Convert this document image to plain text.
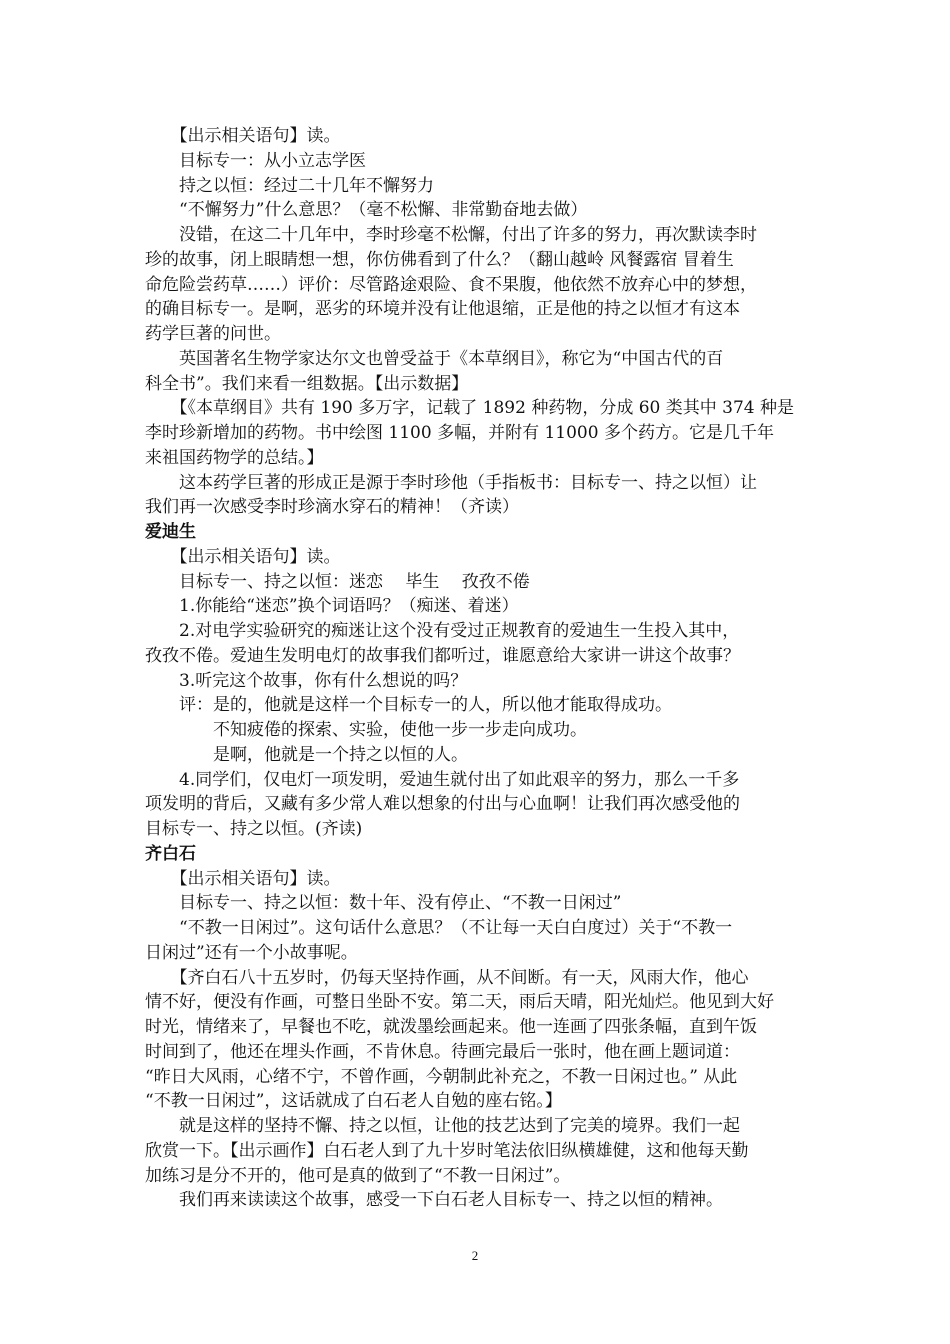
　　【出示相关语句】读。
　　目标专一：从小立志学医
　　持之以恒：经过二十几年不懈努力
　　“不懈努力”什么意思？（毫不松懈、非常勤奋地去做）
　　没错，在这二十几年中，李时珍毫不松懈，付出了许多的努力，再次默读李时
珍的故事，闭上眼睛想一想，你仿佛看到了什么？（翻山越岭 风餐露宿 冒着生
命危险尝药草……）评价：尽管路途艰险、食不果腹，他依然不放弃心中的梦想，
的确目标专一。是啊，恶劣的环境并没有让他退缩，正是他的持之以恒才有这本
药学巨著的问世。
　　英国著名生物学家达尔文也曾受益于《本草纲目》，称它为“中国古代的百
科全书”。我们来看一组数据。【出示数据】
　　【《本草纲目》共有 190 多万字，记载了 1892 种药物，分成 60 类其中 374 种是
李时珍新增加的药物。书中绘图 1100 多幅，并附有 11000 多个药方。它是几千年
来祖国药物学的总结。】
　　这本药学巨著的形成正是源于李时珍他（手指板书：目标专一、持之以恒）让
我们再一次感受李时珍滴水穿石的精神！（齐读）
爱迪生
　　【出示相关语句】读。
　　目标专一、持之以恒：迷恋　 毕生　 孜孜不倦
　　1.你能给“迷恋”换个词语吗？（痴迷、着迷）
　　2.对电学实验研究的痴迷让这个没有受过正规教育的爱迪生一生投入其中，
孜孜不倦。爱迪生发明电灯的故事我们都听过，谁愿意给大家讲一讲这个故事？
　　3.听完这个故事，你有什么想说的吗？
　　评：是的，他就是这样一个目标专一的人，所以他才能取得成功。
　　　　不知疲倦的探索、实验，使他一步一步走向成功。
　　　　是啊，他就是一个持之以恒的人。
　　4.同学们，仅电灯一项发明，爱迪生就付出了如此艰辛的努力，那么一千多
项发明的背后，又藏有多少常人难以想象的付出与心血啊！让我们再次感受他的
目标专一、持之以恒。(齐读)
齐白石
　　【出示相关语句】读。
　　目标专一、持之以恒：数十年、没有停止、“不教一日闲过”
　　“不教一日闲过”。这句话什么意思？（不让每一天白白度过）关于“不教一
日闲过”还有一个小故事呢。
　　【齐白石八十五岁时，仍每天坚持作画，从不间断。有一天，风雨大作，他心
情不好，便没有作画，可整日坐卧不安。第二天，雨后天晴，阳光灿烂。他见到大好
时光，情绪来了，早餐也不吃，就泼墨绘画起来。他一连画了四张条幅，直到午饭
时间到了，他还在埋头作画，不肯休息。待画完最后一张时，他在画上题词道：
“昨日大风雨，心绪不宁，不曾作画，今朝制此补充之，不教一日闲过也。” 从此
“不教一日闲过”，这话就成了白石老人自勉的座右铭。】
　　就是这样的坚持不懈、持之以恒，让他的技艺达到了完美的境界。我们一起
欣赏一下。【出示画作】白石老人到了九十岁时笔法依旧纵横雄健，这和他每天勤
加练习是分不开的，他可是真的做到了“不教一日闲过”。
　　我们再来读读这个故事，感受一下白石老人目标专一、持之以恒的精神。
2
